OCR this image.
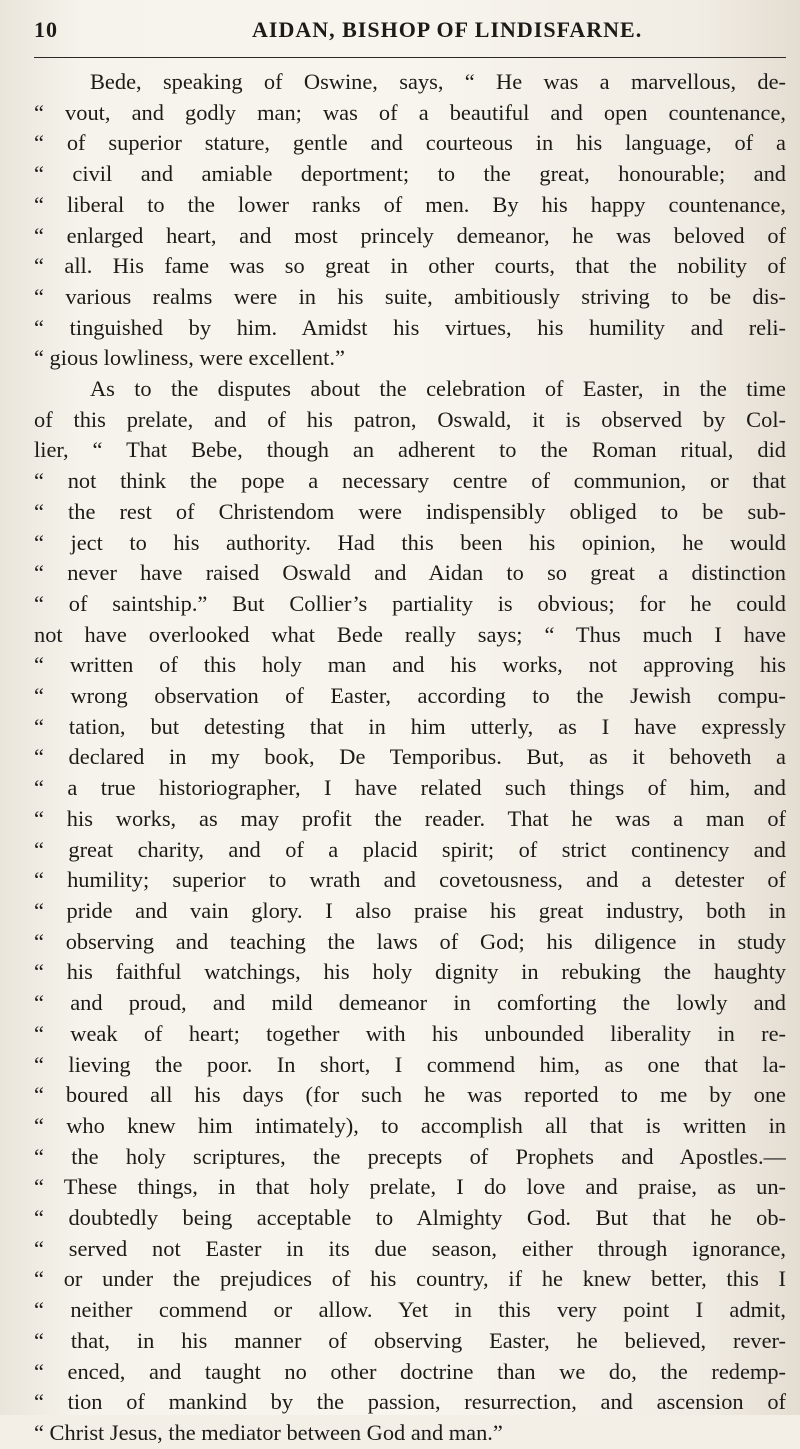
10	AIDAN, BISHOP OF LINDISFARNE.

Bede, speaking of Oswine, says, “ He was a marvellous, de-
“ vout, and godly man; was of a beautiful and open countenance,
“ of superior stature, gentle and courteous in his language, of a
“ civil and amiable deportment; to the great, honourable; and
“ liberal to the lower ranks of men. By his happy countenance,
“ enlarged heart, and most princely demeanor, he was beloved of
“ all. His fame was so great in other courts, that the nobility of
“ various realms were in his suite, ambitiously striving to be dis-
“ tinguished by him. Amidst his virtues, his humility and reli-
“ gious lowliness, were excellent.”

As to the disputes about the celebration of Easter, in the time
of this prelate, and of his patron, Oswald, it is observed by Col-
lier, “ That Bebe, though an adherent to the Roman ritual, did
“ not think the pope a necessary centre of communion, or that
“ the rest of Christendom were indispensibly obliged to be sub-
“ ject to his authority. Had this been his opinion, he would
“ never have raised Oswald and Aidan to so great a distinction
“ of saintship.” But Collier’s partiality is obvious; for he could
not have overlooked what Bede really says; “ Thus much I have
“ written of this holy man and his works, not approving his
“ wrong observation of Easter, according to the Jewish compu-
“ tation, but detesting that in him utterly, as I have expressly
“ declared in my book, De Temporibus. But, as it behoveth a
“ a true historiographer, I have related such things of him, and
“ his works, as may profit the reader. That he was a man of
“ great charity, and of a placid spirit; of strict continency and
“ humility; superior to wrath and covetousness, and a detester of
“ pride and vain glory. I also praise his great industry, both in
“ observing and teaching the laws of God; his diligence in study
“ his faithful watchings, his holy dignity in rebuking the haughty
“ and proud, and mild demeanor in comforting the lowly and
“ weak of heart; together with his unbounded liberality in re-
“ lieving the poor. In short, I commend him, as one that la-
“ boured all his days (for such he was reported to me by one
“ who knew him intimately), to accomplish all that is written in
“ the holy scriptures, the precepts of Prophets and Apostles.—
“ These things, in that holy prelate, I do love and praise, as un-
“ doubtedly being acceptable to Almighty God. But that he ob-
“ served not Easter in its due season, either through ignorance,
“ or under the prejudices of his country, if he knew better, this I
“ neither commend or allow. Yet in this very point I admit,
“ that, in his manner of observing Easter, he believed, rever-
“ enced, and taught no other doctrine than we do, the redemp-
“ tion of mankind by the passion, resurrection, and ascension of
“ Christ Jesus, the mediator between God and man.”
